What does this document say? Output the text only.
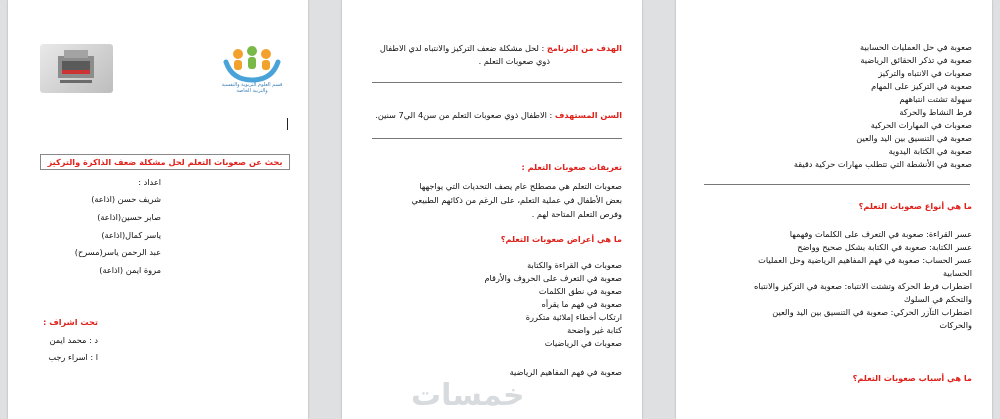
قسم العلوم التربوية والنفسية والتربية الخاصة
بحث عن صعوبات التعلم لحل مشكلة ضعف الذاكرة والتركيز
اعداد :
شريف حسن (اذاعة)
صابر حسين(اذاعة)
ياسر كمال(اذاعة)
عبد الرحمن ياسر(مسرح)
مروة ايمن (اذاعة)
تحت اشراف :
د : محمد ايمن
ا : اسراء رجب
الهدف من البرنامج : لحل مشكلة ضعف التركيز والانتباه لدي الاطفال
ذوي صعوبات التعلم .
السن المستهدف : الاطفال ذوي صعوبات التعلم من سن4 الي7 سنين.
تعريفات صعوبات التعلم :
صعوبات التعلم هي مصطلح عام يصف التحديات التي يواجهها
بعض الأطفال في عملية التعلم، على الرغم من ذكائهم الطبيعي
وفرص التعلم المتاحة لهم .
ما هي أعراض صعوبات التعلم؟
صعوبات في القراءة والكتابة
صعوبة في التعرف على الحروف والأرقام
صعوبة في نطق الكلمات
صعوبة في فهم ما يقرأه
ارتكاب أخطاء إملائية متكررة
كتابة غير واضحة
صعوبات في الرياضيات
صعوبة في فهم المفاهيم الرياضية
خمسات
صعوبة في حل العمليات الحسابية
صعوبة في تذكر الحقائق الرياضية
صعوبات في الانتباه والتركيز
صعوبة في التركيز على المهام
سهولة تشتت انتباههم
فرط النشاط والحركة
صعوبات في المهارات الحركية
صعوبة في التنسيق بين اليد والعين
صعوبة في الكتابة اليدوية
صعوبة في الأنشطة التي تتطلب مهارات حركية دقيقة
ما هي أنواع صعوبات التعلم؟
عسر القراءة: صعوبة في التعرف على الكلمات وفهمها
عسر الكتابة: صعوبة في الكتابة بشكل صحيح وواضح
عسر الحساب: صعوبة في فهم المفاهيم الرياضية وحل العمليات
الحسابية
اضطراب فرط الحركة وتشتت الانتباه: صعوبة في التركيز والانتباه
والتحكم في السلوك
اضطراب التآزر الحركي: صعوبة في التنسيق بين اليد والعين
والحركات
ما هي أسباب صعوبات التعلم؟
